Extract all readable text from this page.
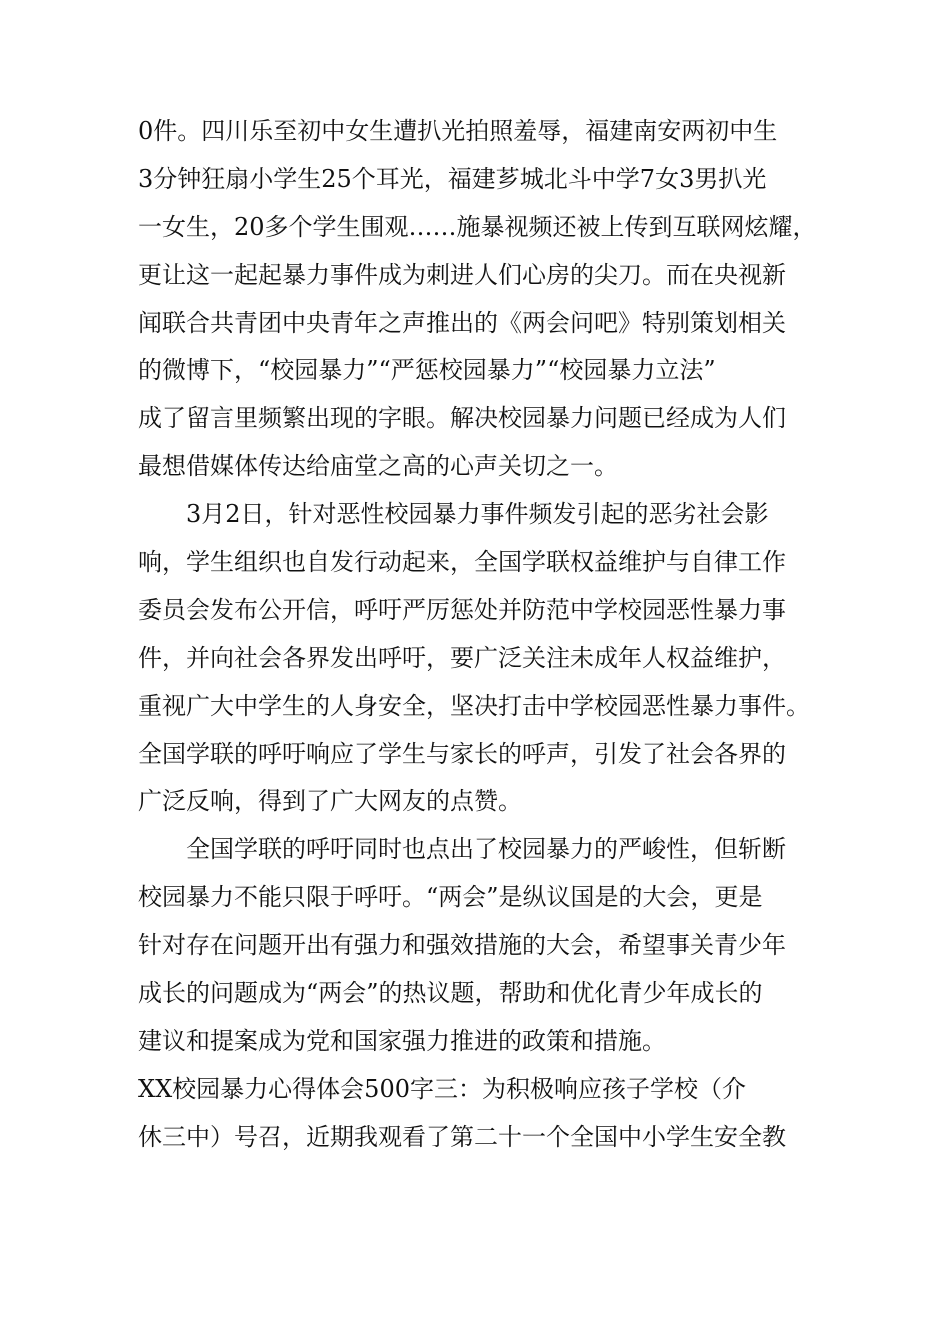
0件。四川乐至初中女生遭扒光拍照羞辱，福建南安两初中生
3分钟狂扇小学生25个耳光，福建芗城北斗中学7女3男扒光
一女生，20多个学生围观……施暴视频还被上传到互联网炫耀，
更让这一起起暴力事件成为刺进人们心房的尖刀。而在央视新
闻联合共青团中央青年之声推出的《两会问吧》特别策划相关
的微博下，“校园暴力”“严惩校园暴力”“校园暴力立法”
成了留言里频繁出现的字眼。解决校园暴力问题已经成为人们
最想借媒体传达给庙堂之高的心声关切之一。
3月2日，针对恶性校园暴力事件频发引起的恶劣社会影
响，学生组织也自发行动起来，全国学联权益维护与自律工作
委员会发布公开信，呼吁严厉惩处并防范中学校园恶性暴力事
件，并向社会各界发出呼吁，要广泛关注未成年人权益维护，
重视广大中学生的人身安全，坚决打击中学校园恶性暴力事件。
全国学联的呼吁响应了学生与家长的呼声，引发了社会各界的
广泛反响，得到了广大网友的点赞。
全国学联的呼吁同时也点出了校园暴力的严峻性，但斩断
校园暴力不能只限于呼吁。“两会”是纵议国是的大会，更是
针对存在问题开出有强力和强效措施的大会，希望事关青少年
成长的问题成为“两会”的热议题，帮助和优化青少年成长的
建议和提案成为党和国家强力推进的政策和措施。
XX校园暴力心得体会500字三：为积极响应孩子学校（介
休三中）号召，近期我观看了第二十一个全国中小学生安全教
